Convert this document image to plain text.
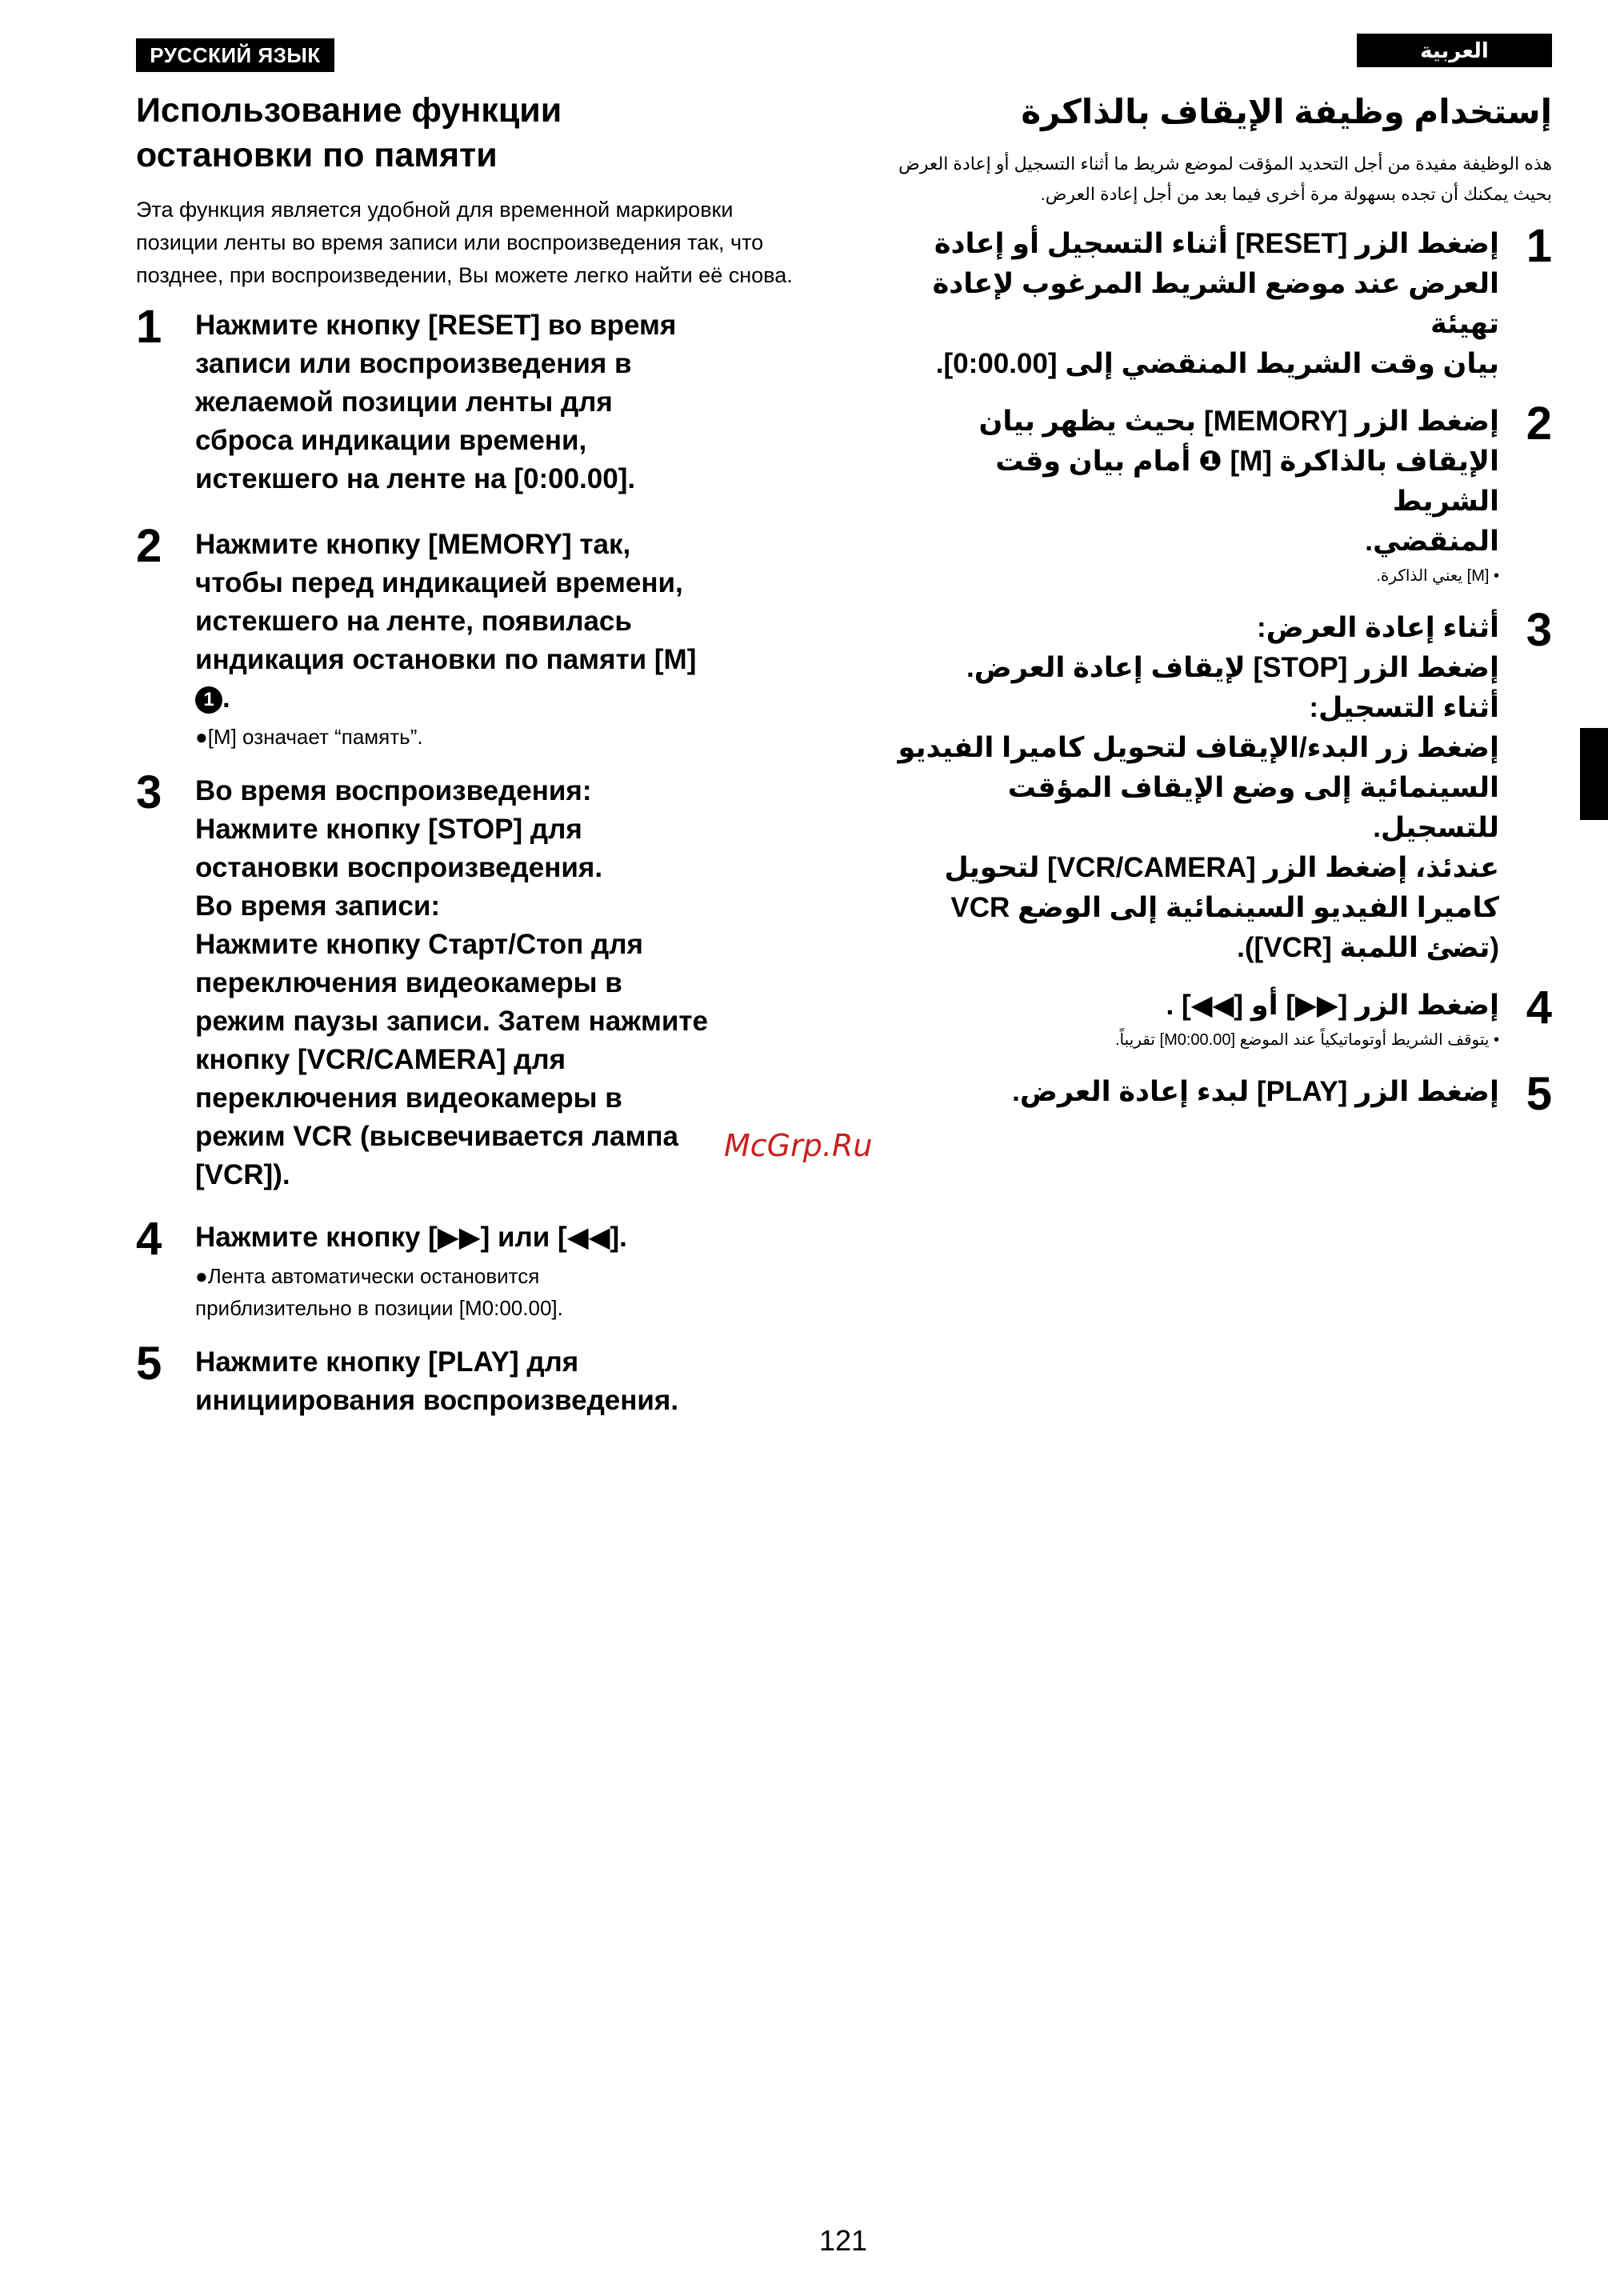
РУССКИЙ ЯЗЫК	العربية
Использование функции
остановки по памяти

Эта функция является удобной для временной маркировки позиции ленты во время записи или воспроизведения так, что позднее, при воспроизведении, Вы можете легко найти её снова.

1 Нажмите кнопку [RESET] во время
записи или воспроизведения в
желаемой позиции ленты для
сброса индикации времени,
истекшего на ленте на [0:00.00].
2 Нажмите кнопку [MEMORY] так,
чтобы перед индикацией времени,
истекшего на ленте, появилась
индикация остановки по памяти [M]
1 .
●[M] означает “память”.
3 Во время воспроизведения:
Нажмите кнопку [STOP] для
остановки воспроизведения.
Во время записи:
Нажмите кнопку Старт/Стоп для
переключения видеокамеры в
режим паузы записи. Затем нажмите
кнопку [VCR/CAMERA] для
переключения видеокамеры в
режим VCR (высвечивается лампа
[VCR]).
4 Нажмите кнопку [▶▶] или [◀◀].
●Лента автоматически остановится
приблизительно в позиции [M0:00.00].
5 Нажмите кнопку [PLAY] для
инициирования воспроизведения.
إستخدام وظيفة الإيقاف بالذاكرة

هذه الوظيفة مفيدة من أجل التحديد المؤقت لموضع شريط ما أثناء التسجيل أو إعادة العرض بحيث يمكنك أن تجده بسهولة مرة أخرى فيما بعد من أجل إعادة العرض.

1
إضغط الزر [RESET] أثناء التسجيل أو إعادة
العرض عند موضع الشريط المرغوب لإعادة تهيئة
بيان وقت الشريط المنقضي إلى [0:00.00].
2
إضغط الزر [MEMORY] بحيث يظهر بيان
الإيقاف بالذاكرة [M] ❶ أمام بيان وقت الشريط
المنقضي.
• [M] يعني الذاكرة.
3
أثناء إعادة العرض:
إضغط الزر [STOP] لإيقاف إعادة العرض.
أثناء التسجيل:
إضغط زر البدء/الإيقاف لتحويل كاميرا الفيديو
السينمائية إلى وضع الإيقاف المؤقت للتسجيل.
عندئذ، إضغط الزر [VCR/CAMERA] لتحويل
كاميرا الفيديو السينمائية إلى الوضع VCR
(تضئ اللمبة [VCR]).
4
إضغط الزر [▶▶] أو [◀◀] .
• يتوقف الشريط أوتوماتيكياً عند الموضع [M0:00.00] تقريباً.
5
إضغط الزر [PLAY] لبدء إعادة العرض.
McGrp.Ru
121
